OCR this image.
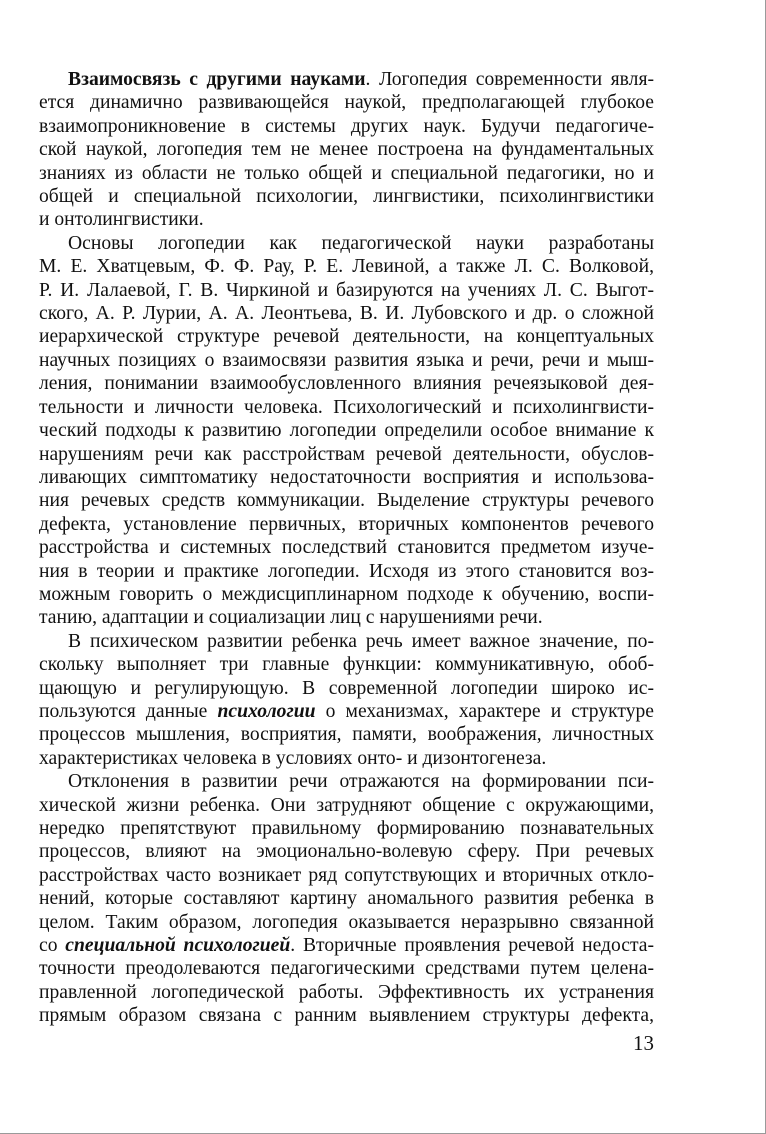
Взаимосвязь с другими науками. Логопедия современности явля-
ется динамично развивающейся наукой, предполагающей глубокое
взаимопроникновение в системы других наук. Будучи педагогиче-
ской наукой, логопедия тем не менее построена на фундаментальных
знаниях из области не только общей и специальной педагогики, но и
общей и специальной психологии, лингвистики, психолингвистики
и онтолингвистики.

Основы логопедии как педагогической науки разработаны
М. Е. Хватцевым, Ф. Ф. Рау, Р. Е. Левиной, а также Л. С. Волковой,
Р. И. Лалаевой, Г. В. Чиркиной и базируются на учениях Л. С. Выгот-
ского, А. Р. Лурии, А. А. Леонтьева, В. И. Лубовского и др. о сложной
иерархической структуре речевой деятельности, на концептуальных
научных позициях о взаимосвязи развития языка и речи, речи и мыш-
ления, понимании взаимообусловленного влияния речеязыковой дея-
тельности и личности человека. Психологический и психолингвисти-
ческий подходы к развитию логопедии определили особое внимание к
нарушениям речи как расстройствам речевой деятельности, обуслов-
ливающих симптоматику недостаточности восприятия и использова-
ния речевых средств коммуникации. Выделение структуры речевого
дефекта, установление первичных, вторичных компонентов речевого
расстройства и системных последствий становится предметом изуче-
ния в теории и практике логопедии. Исходя из этого становится воз-
можным говорить о междисциплинарном подходе к обучению, воспи-
танию, адаптации и социализации лиц с нарушениями речи.

В психическом развитии ребенка речь имеет важное значение, по-
скольку выполняет три главные функции: коммуникативную, обоб-
щающую и регулирующую. В современной логопедии широко ис-
пользуются данные психологии о механизмах, характере и структуре
процессов мышления, восприятия, памяти, воображения, личностных
характеристиках человека в условиях онто- и дизонтогенеза.

Отклонения в развитии речи отражаются на формировании пси-
хической жизни ребенка. Они затрудняют общение с окружающими,
нередко препятствуют правильному формированию познавательных
процессов, влияют на эмоционально-волевую сферу. При речевых
расстройствах часто возникает ряд сопутствующих и вторичных откло-
нений, которые составляют картину аномального развития ребенка в
целом. Таким образом, логопедия оказывается неразрывно связанной
со специальной психологией. Вторичные проявления речевой недоста-
точности преодолеваются педагогическими средствами путем целена-
правленной логопедической работы. Эффективность их устранения
прямым образом связана с ранним выявлением структуры дефекта,

13
